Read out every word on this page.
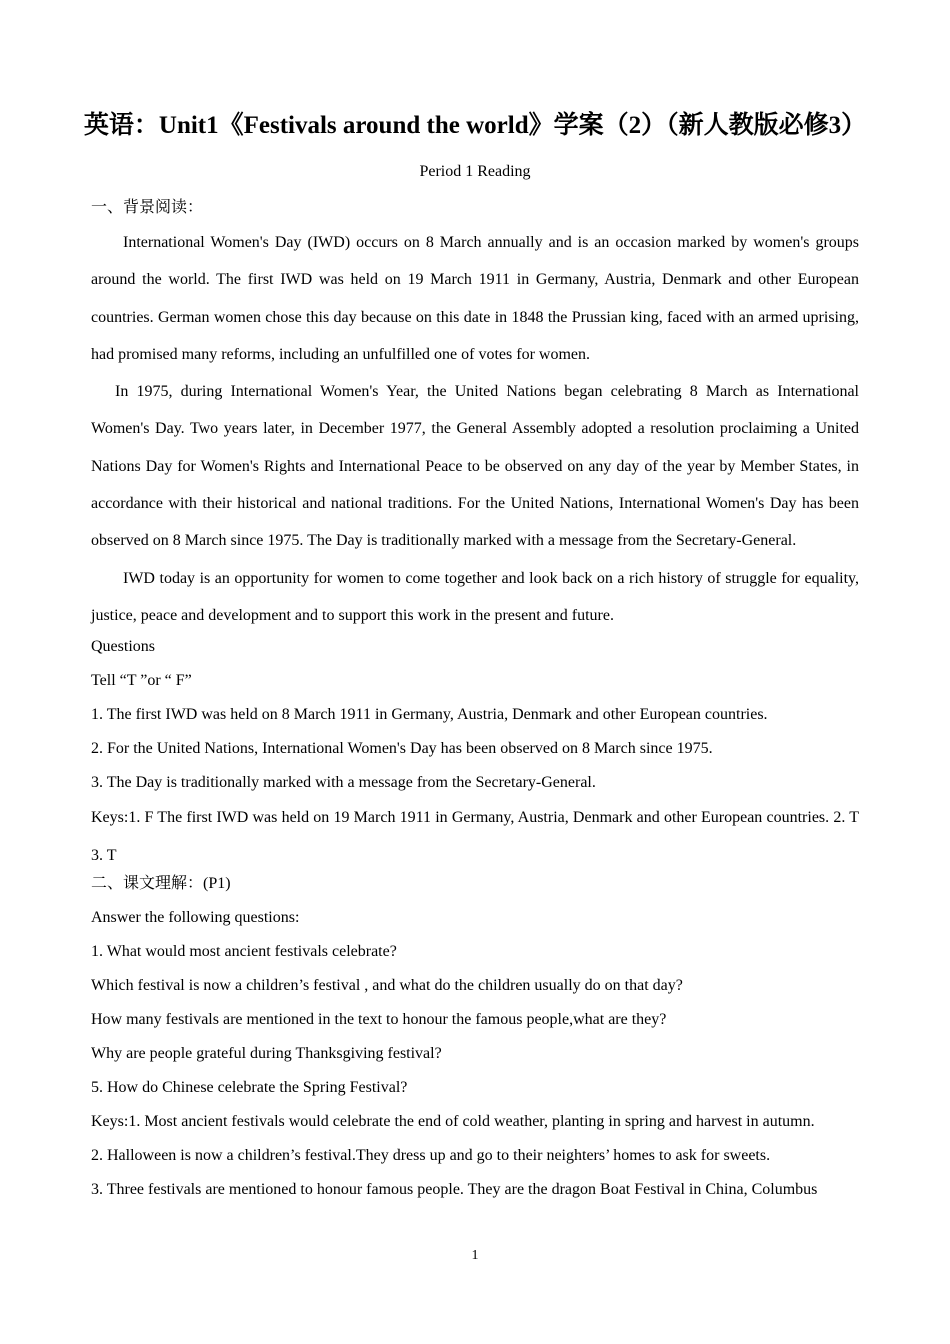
英语：Unit1《Festivals around the world》学案（2）（新人教版必修3）
Period 1 Reading
一、背景阅读：

International Women's Day (IWD) occurs on 8 March annually and is an occasion marked by women's groups around the world. The first IWD was held on 19 March 1911 in Germany, Austria, Denmark and other European countries. German women chose this day because on this date in 1848 the Prussian king, faced with an armed uprising, had promised many reforms, including an unfulfilled one of votes for women.

In 1975, during International Women's Year, the United Nations began celebrating 8 March as International Women's Day. Two years later, in December 1977, the General Assembly adopted a resolution proclaiming a United Nations Day for Women's Rights and International Peace to be observed on any day of the year by Member States, in accordance with their historical and national traditions. For the United Nations, International Women's Day has been observed on 8 March since 1975. The Day is traditionally marked with a message from the Secretary-General.

IWD today is an opportunity for women to come together and look back on a rich history of struggle for equality, justice, peace and development and to support this work in the present and future.

Questions
Tell “T ”or “ F”
1. The first IWD was held on 8 March 1911 in Germany, Austria, Denmark and other European countries.
2. For the United Nations, International Women's Day has been observed on 8 March since 1975.
3. The Day is traditionally marked with a message from the Secretary-General.

Keys:1. F The first IWD was held on 19 March 1911 in Germany, Austria, Denmark and other European countries. 2. T 3. T

二、课文理解：(P1)
Answer the following questions:
1. What would most ancient festivals celebrate?
Which festival is now a children’s festival , and what do the children usually do on that day?
How many festivals are mentioned in the text to honour the famous people,what are they?
Why are people grateful during Thanksgiving festival?
5. How do Chinese celebrate the Spring Festival?
Keys:1. Most ancient festivals would celebrate the end of cold weather, planting in spring and harvest in autumn.
2. Halloween is now a children’s festival.They dress up and go to their neighters’ homes to ask for sweets.
3. Three festivals are mentioned to honour famous people. They are the dragon Boat Festival in China, Columbus
1
